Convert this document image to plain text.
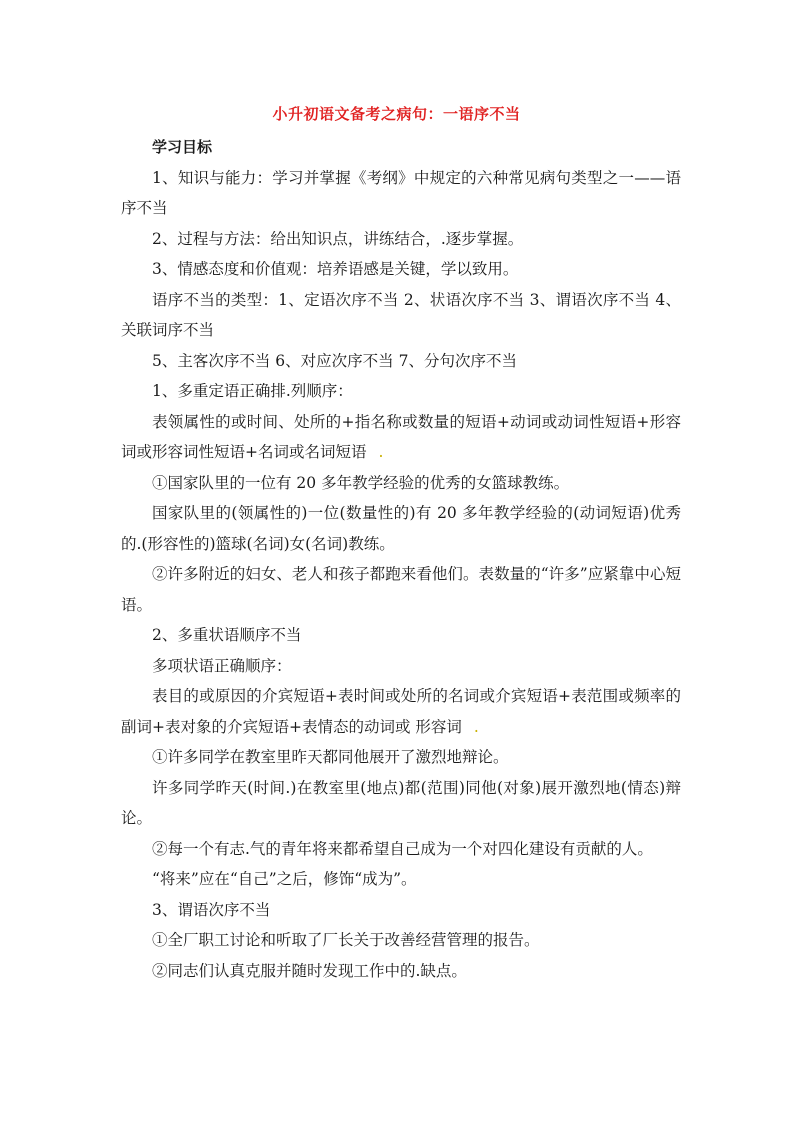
小升初语文备考之病句：一语序不当

学习目标

1、知识与能力：学习并掌握《考纲》中规定的六种常见病句类型之一——语序不当

2、过程与方法：给出知识点，讲练结合，.逐步掌握。

3、情感态度和价值观：培养语感是关键，学以致用。

语序不当的类型：1、定语次序不当 2、状语次序不当 3、谓语次序不当 4、关联词序不当

5、主客次序不当 6、对应次序不当 7、分句次序不当

1、多重定语正确排.列顺序：

表领属性的或时间、处所的+指名称或数量的短语+动词或动词性短语+形容词或形容词性短语+名词或名词短语 .

①国家队里的一位有 20 多年教学经验的优秀的女篮球教练。

国家队里的(领属性的)一位(数量性的)有 20 多年教学经验的(动词短语)优秀的.(形容性的)篮球(名词)女(名词)教练。

②许多附近的妇女、老人和孩子都跑来看他们。表数量的“许多”应紧靠中心短语。

2、多重状语顺序不当

多项状语正确顺序：

表目的或原因的介宾短语+表时间或处所的名词或介宾短语+表范围或频率的副词+表对象的介宾短语+表情态的动词或 形容词 .

①许多同学在教室里昨天都同他展开了激烈地辩论。

许多同学昨天(时间.)在教室里(地点)都(范围)同他(对象)展开激烈地(情态)辩论。

②每一个有志.气的青年将来都希望自己成为一个对四化建设有贡献的人。

“将来”应在“自己”之后，修饰“成为”。

3、谓语次序不当

①全厂职工讨论和听取了厂长关于改善经营管理的报告。

②同志们认真克服并随时发现工作中的.缺点。
